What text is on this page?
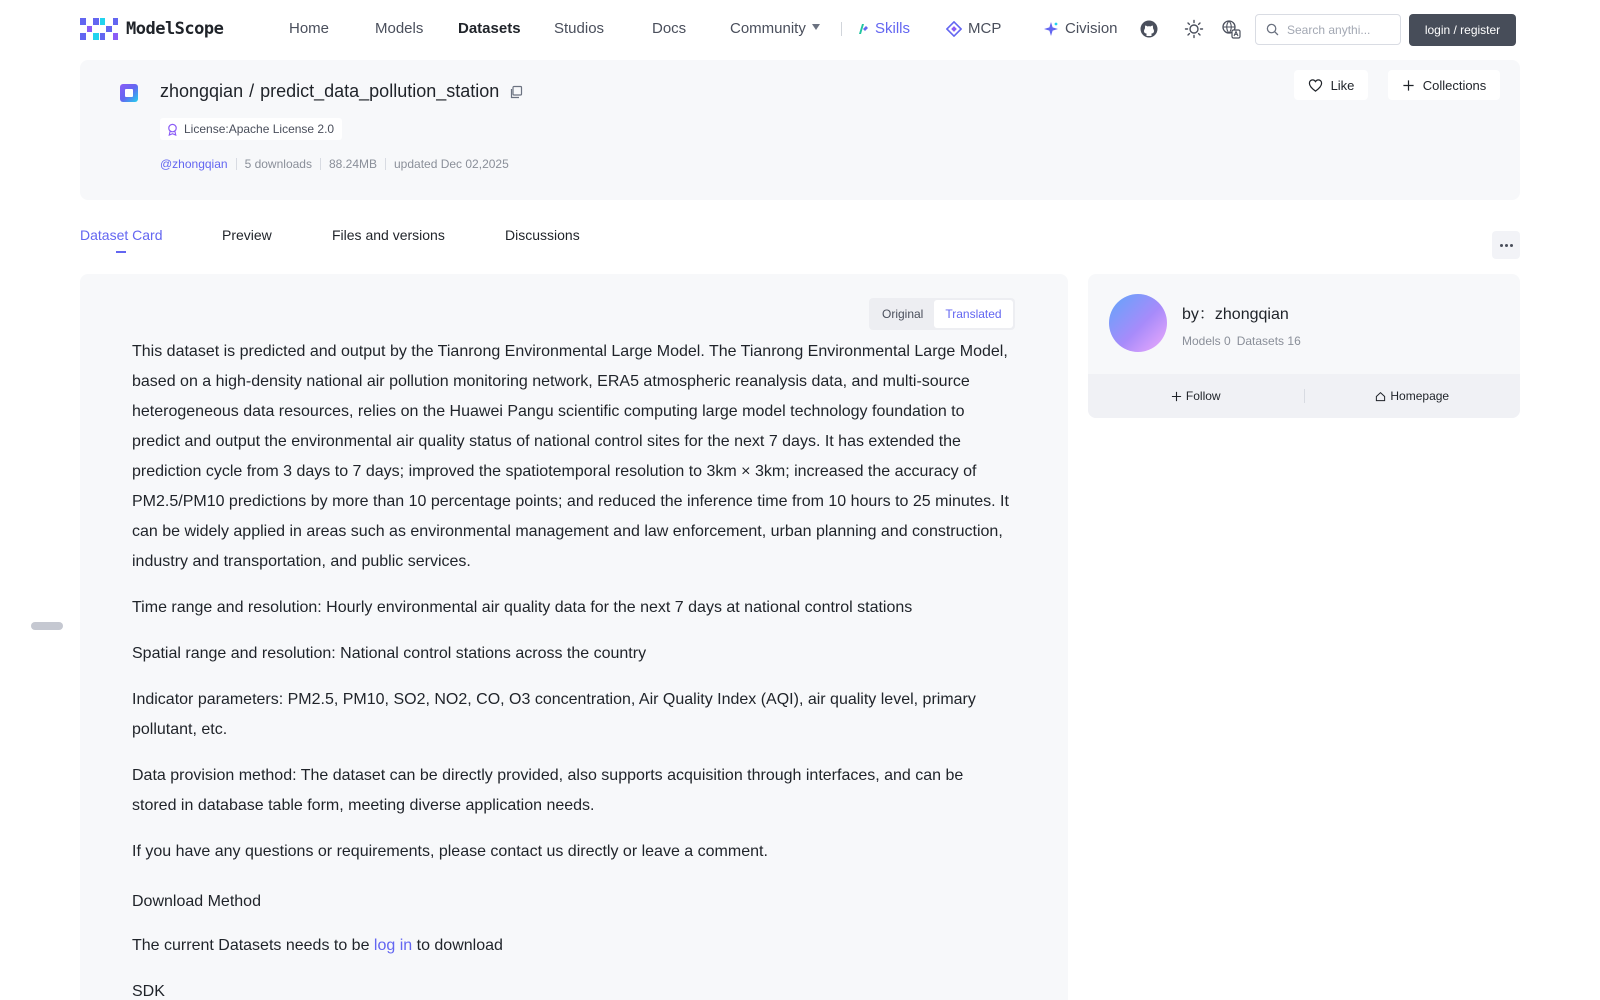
ModelScope	Home	Models Datasets Studios	Docs	Community	Skills	MCP	Civision
Search anythi...	login / register
zhongqian / predict_data_pollution_station
License:Apache License 2.0
@zhongqian 5 downloads 88.24MB updated Dec 02,2025
Like	Collections
Dataset Card	Preview	Files and versions	Discussions
Original	Translated

This dataset is predicted and output by the Tianrong Environmental Large Model. The Tianrong Environmental Large Model, based on a high-density national air pollution monitoring network, ERA5 atmospheric reanalysis data, and multi-source heterogeneous data resources, relies on the Huawei Pangu scientific computing large model technology foundation to predict and output the environmental air quality status of national control sites for the next 7 days. It has extended the prediction cycle from 3 days to 7 days; improved the spatiotemporal resolution to 3km × 3km; increased the accuracy of PM2.5/PM10 predictions by more than 10 percentage points; and reduced the inference time from 10 hours to 25 minutes. It can be widely applied in areas such as environmental management and law enforcement, urban planning and construction, industry and transportation, and public services.

Time range and resolution: Hourly environmental air quality data for the next 7 days at national control stations

Spatial range and resolution: National control stations across the country

Indicator parameters: PM2.5, PM10, SO2, NO2, CO, O3 concentration, Air Quality Index (AQI), air quality level, primary pollutant, etc.

Data provision method: The dataset can be directly provided, also supports acquisition through interfaces, and can be stored in database table form, meeting diverse application needs.

If you have any questions or requirements, please contact us directly or leave a comment.

Download Method

The current Datasets needs to be log in to download

SDK

by：zhongqian
Models 0 Datasets 16
Follow	Homepage
